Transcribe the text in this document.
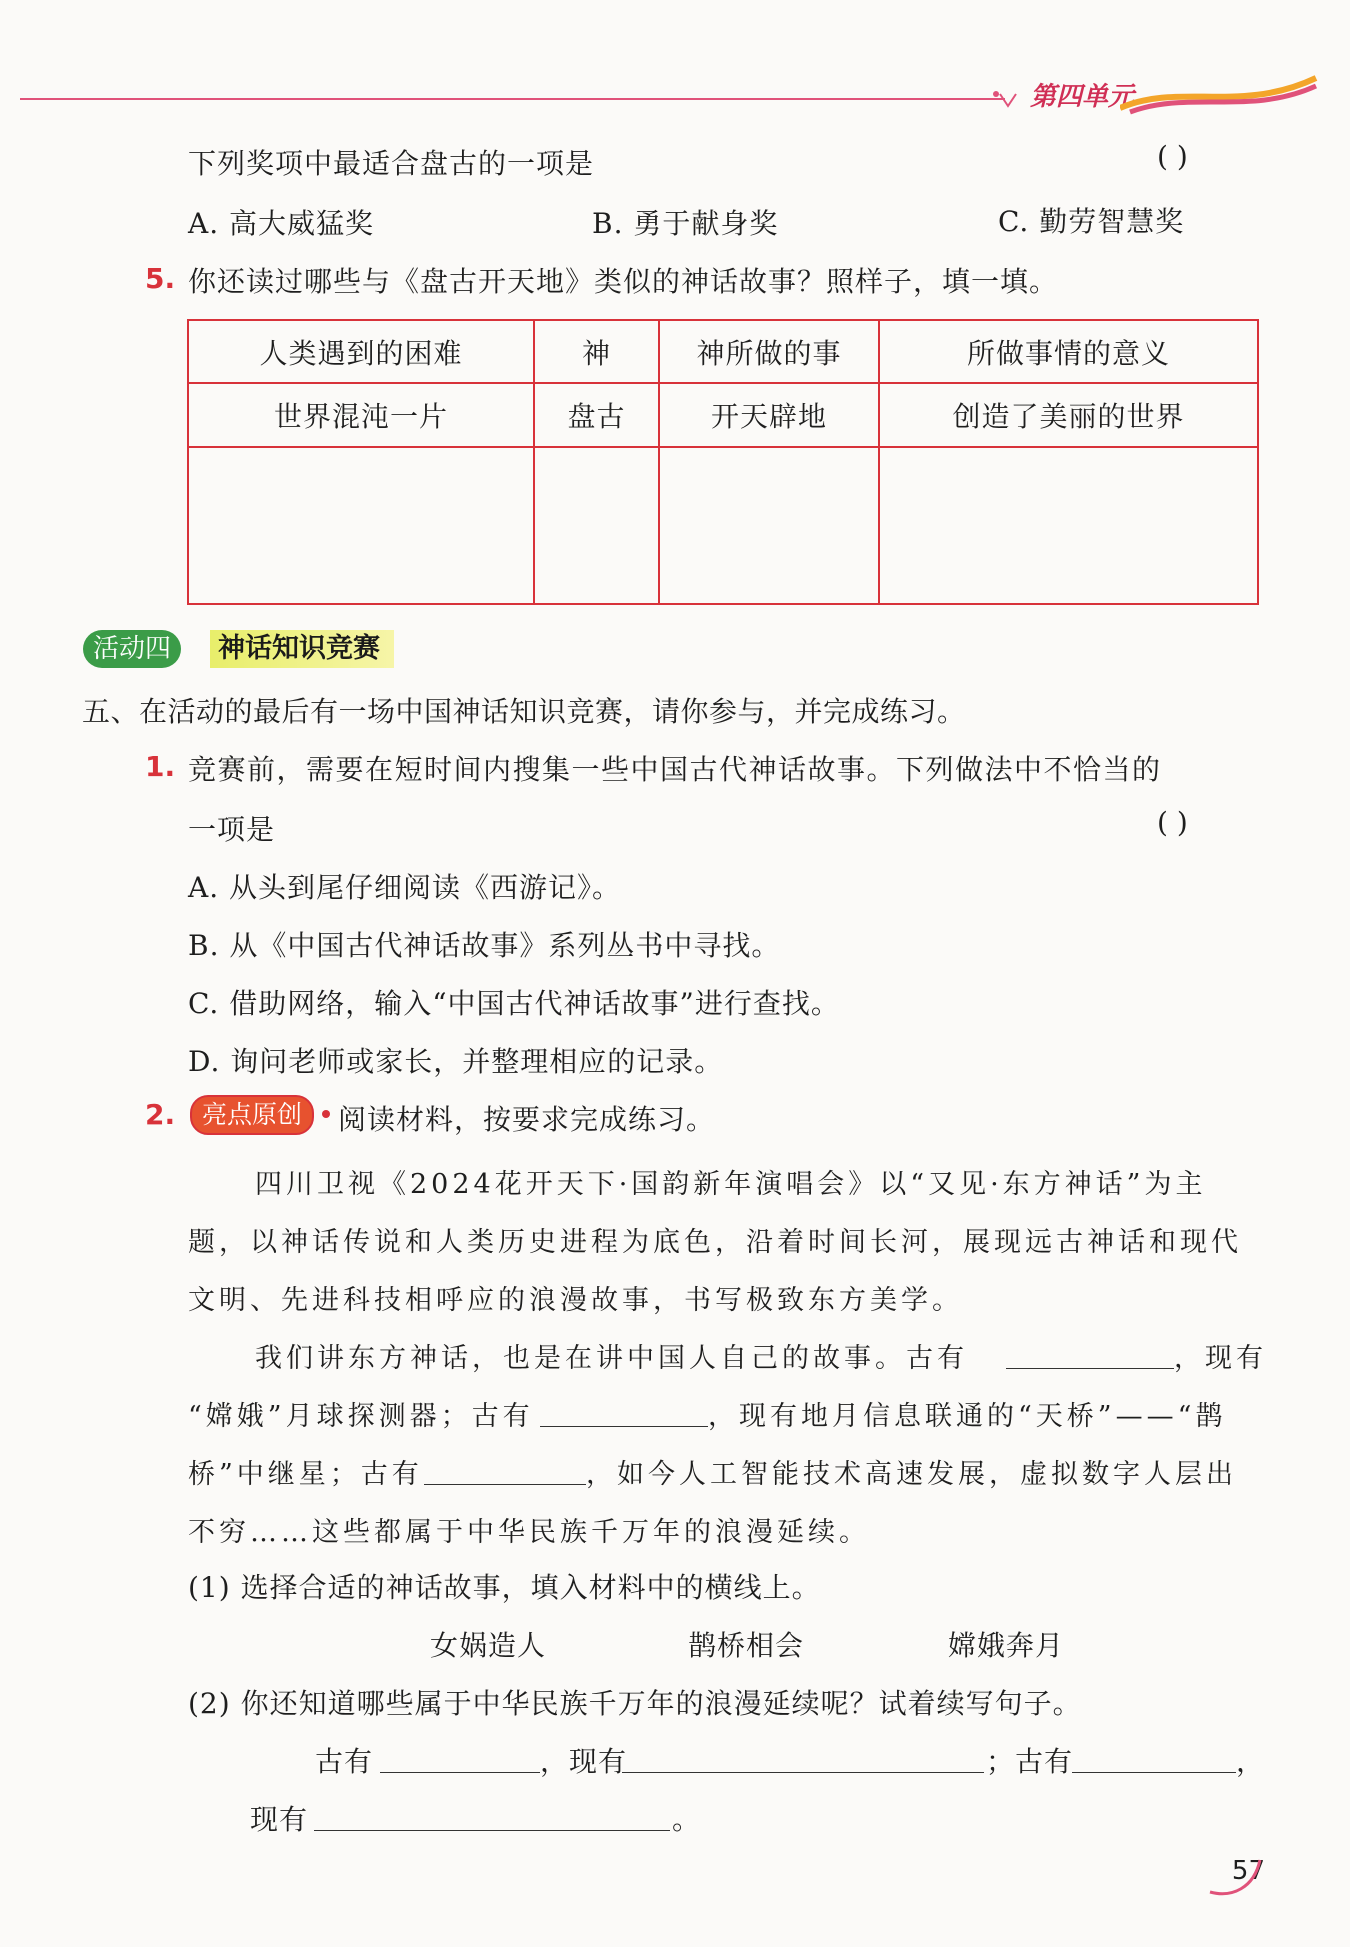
第四单元
下列奖项中最适合盘古的一项是	( )
A. 高大威猛奖	B. 勇于献身奖	C. 勤劳智慧奖
5. 你还读过哪些与《盘古开天地》类似的神话故事？照样子，填一填。
人类遇到的困难	神	神所做的事	所做事情的意义
世界混沌一片	盘古	开天辟地	创造了美丽的世界

活动四	神话知识竞赛
五、在活动的最后有一场中国神话知识竞赛，请你参与，并完成练习。
1. 竞赛前，需要在短时间内搜集一些中国古代神话故事。下列做法中不恰当的
一项是	( )
A. 从头到尾仔细阅读《西游记》。
B. 从《中国古代神话故事》系列丛书中寻找。
C. 借助网络，输入“中国古代神话故事”进行查找。
D. 询问老师或家长，并整理相应的记录。
2.	亮点原创	阅读材料，按要求完成练习。
四川卫视《2024花开天下·国韵新年演唱会》以“又见·东方神话”为主
题，以神话传说和人类历史进程为底色，沿着时间长河，展现远古神话和现代
文明、先进科技相呼应的浪漫故事，书写极致东方美学。
我们讲东方神话，也是在讲中国人自己的故事。古有	，现有
“嫦娥”月球探测器；古有	，现有地月信息联通的“天桥”——“鹊
桥”中继星；古有	，如今人工智能技术高速发展，虚拟数字人层出
不穷……这些都属于中华民族千万年的浪漫延续。
(1) 选择合适的神话故事，填入材料中的横线上。
女娲造人	鹊桥相会	嫦娥奔月
(2) 你还知道哪些属于中华民族千万年的浪漫延续呢？试着续写句子。
古有	，现有	；古有	，
现有	。
57
